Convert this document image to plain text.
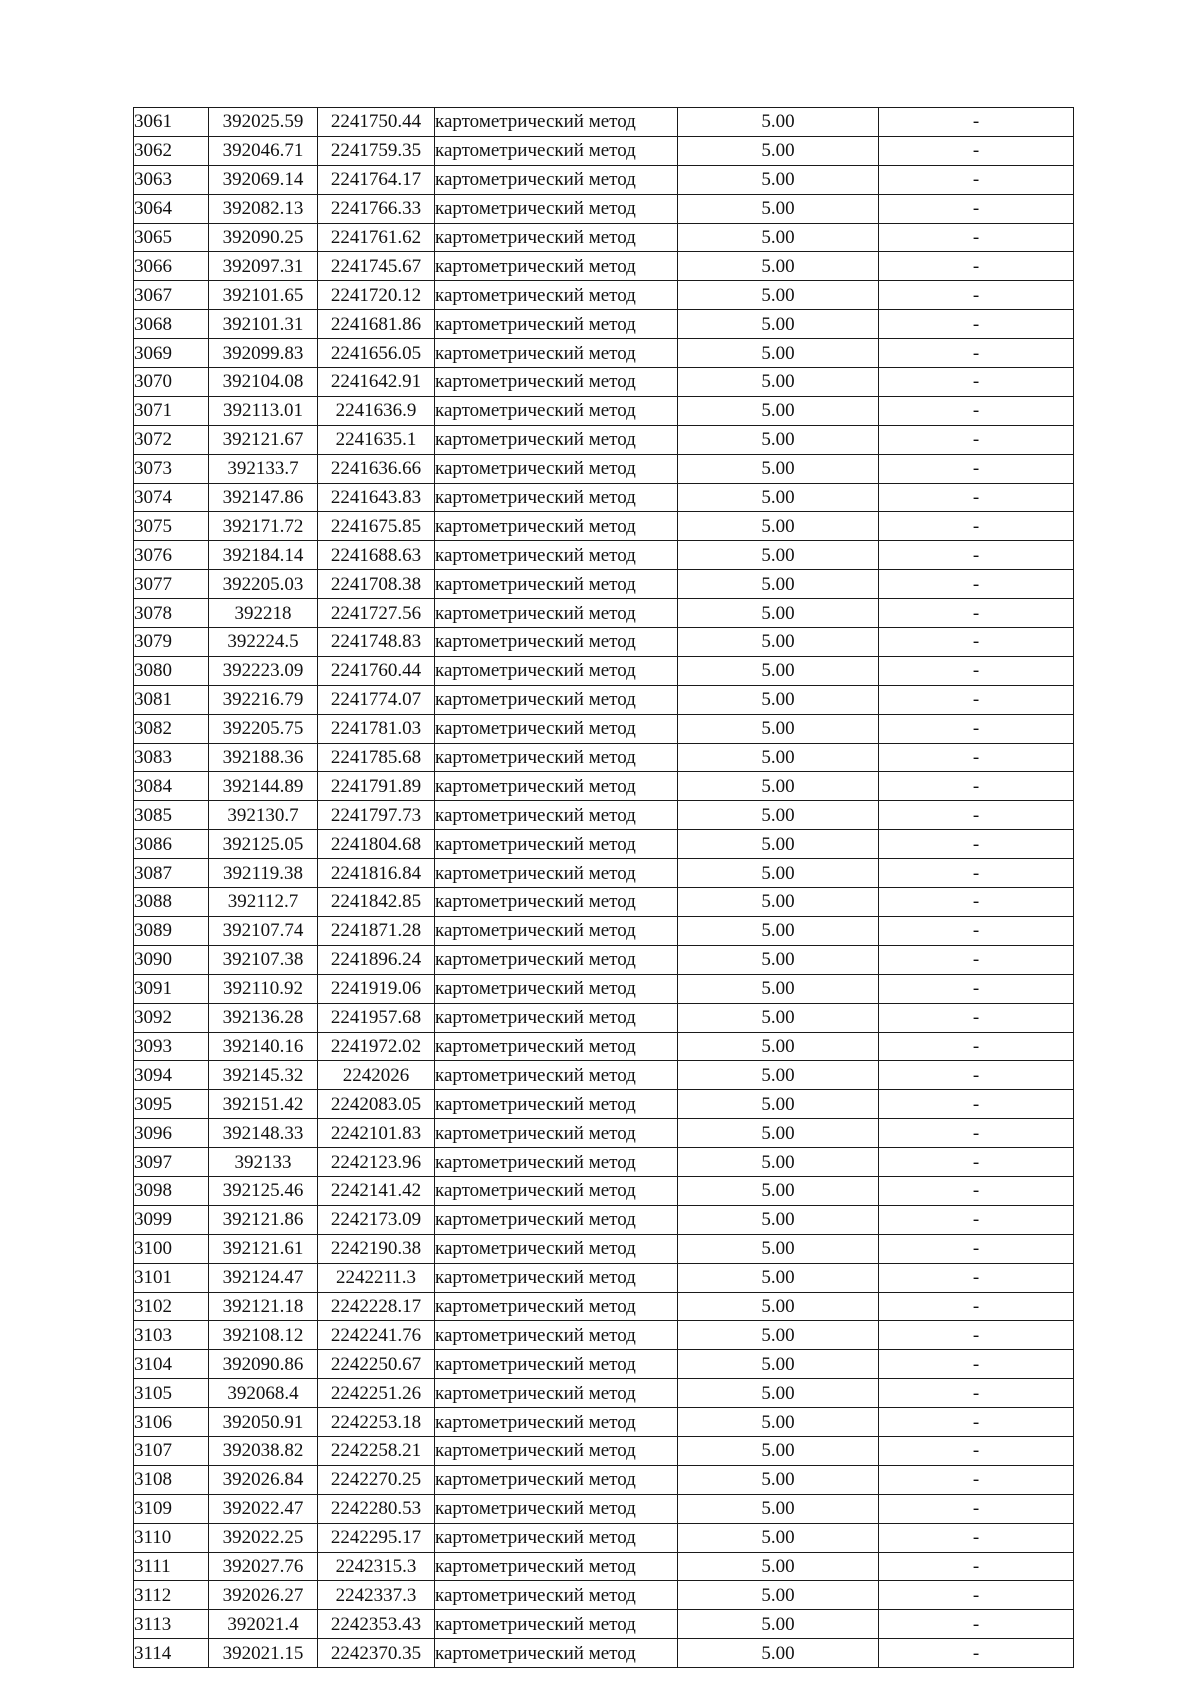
3061	392025.59	2241750.44	картометрический метод	5.00	-
3062	392046.71	2241759.35	картометрический метод	5.00	-
3063	392069.14	2241764.17	картометрический метод	5.00	-
3064	392082.13	2241766.33	картометрический метод	5.00	-
3065	392090.25	2241761.62	картометрический метод	5.00	-
3066	392097.31	2241745.67	картометрический метод	5.00	-
3067	392101.65	2241720.12	картометрический метод	5.00	-
3068	392101.31	2241681.86	картометрический метод	5.00	-
3069	392099.83	2241656.05	картометрический метод	5.00	-
3070	392104.08	2241642.91	картометрический метод	5.00	-
3071	392113.01	2241636.9	картометрический метод	5.00	-
3072	392121.67	2241635.1	картометрический метод	5.00	-
3073	392133.7	2241636.66	картометрический метод	5.00	-
3074	392147.86	2241643.83	картометрический метод	5.00	-
3075	392171.72	2241675.85	картометрический метод	5.00	-
3076	392184.14	2241688.63	картометрический метод	5.00	-
3077	392205.03	2241708.38	картометрический метод	5.00	-
3078	392218	2241727.56	картометрический метод	5.00	-
3079	392224.5	2241748.83	картометрический метод	5.00	-
3080	392223.09	2241760.44	картометрический метод	5.00	-
3081	392216.79	2241774.07	картометрический метод	5.00	-
3082	392205.75	2241781.03	картометрический метод	5.00	-
3083	392188.36	2241785.68	картометрический метод	5.00	-
3084	392144.89	2241791.89	картометрический метод	5.00	-
3085	392130.7	2241797.73	картометрический метод	5.00	-
3086	392125.05	2241804.68	картометрический метод	5.00	-
3087	392119.38	2241816.84	картометрический метод	5.00	-
3088	392112.7	2241842.85	картометрический метод	5.00	-
3089	392107.74	2241871.28	картометрический метод	5.00	-
3090	392107.38	2241896.24	картометрический метод	5.00	-
3091	392110.92	2241919.06	картометрический метод	5.00	-
3092	392136.28	2241957.68	картометрический метод	5.00	-
3093	392140.16	2241972.02	картометрический метод	5.00	-
3094	392145.32	2242026	картометрический метод	5.00	-
3095	392151.42	2242083.05	картометрический метод	5.00	-
3096	392148.33	2242101.83	картометрический метод	5.00	-
3097	392133	2242123.96	картометрический метод	5.00	-
3098	392125.46	2242141.42	картометрический метод	5.00	-
3099	392121.86	2242173.09	картометрический метод	5.00	-
3100	392121.61	2242190.38	картометрический метод	5.00	-
3101	392124.47	2242211.3	картометрический метод	5.00	-
3102	392121.18	2242228.17	картометрический метод	5.00	-
3103	392108.12	2242241.76	картометрический метод	5.00	-
3104	392090.86	2242250.67	картометрический метод	5.00	-
3105	392068.4	2242251.26	картометрический метод	5.00	-
3106	392050.91	2242253.18	картометрический метод	5.00	-
3107	392038.82	2242258.21	картометрический метод	5.00	-
3108	392026.84	2242270.25	картометрический метод	5.00	-
3109	392022.47	2242280.53	картометрический метод	5.00	-
3110	392022.25	2242295.17	картометрический метод	5.00	-
3111	392027.76	2242315.3	картометрический метод	5.00	-
3112	392026.27	2242337.3	картометрический метод	5.00	-
3113	392021.4	2242353.43	картометрический метод	5.00	-
3114	392021.15	2242370.35	картометрический метод	5.00	-
